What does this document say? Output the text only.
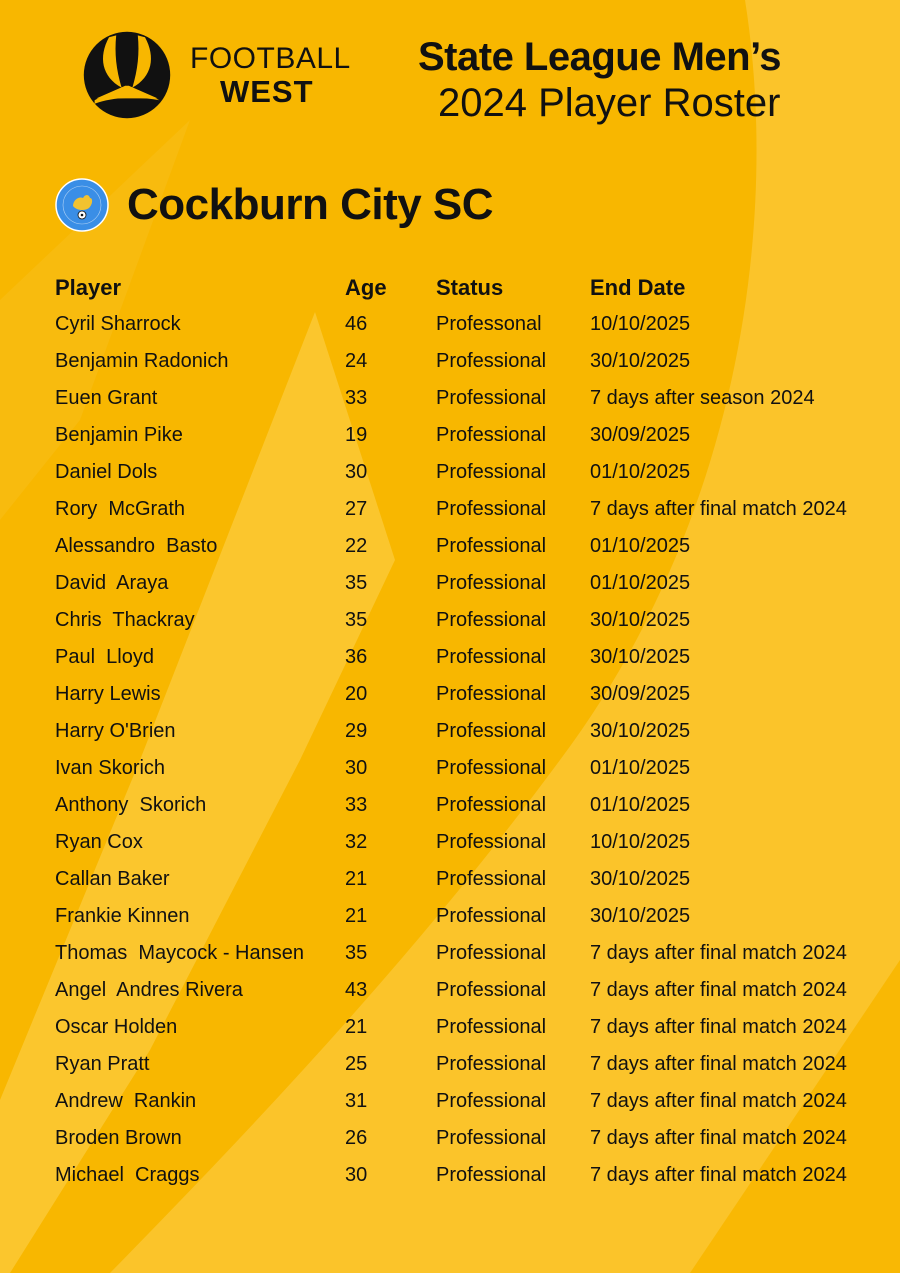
FOOTBALL
WEST
State League Men’s
2024 Player Roster
Cockburn City SC
Player	Age	Status	End Date
Cyril Sharrock	46	Professonal	10/10/2025
Benjamin Radonich	24	Professional	30/10/2025
Euen Grant	33	Professional	7 days after season 2024
Benjamin Pike	19	Professional	30/09/2025
Daniel Dols	30	Professional	01/10/2025
Rory  McGrath	27	Professional	7 days after final match 2024
Alessandro  Basto	22	Professional	01/10/2025
David  Araya	35	Professional	01/10/2025
Chris  Thackray	35	Professional	30/10/2025
Paul  Lloyd	36	Professional	30/10/2025
Harry Lewis	20	Professional	30/09/2025
Harry O'Brien	29	Professional	30/10/2025
Ivan Skorich	30	Professional	01/10/2025
Anthony  Skorich	33	Professional	01/10/2025
Ryan Cox	32	Professional	10/10/2025
Callan Baker	21	Professional	30/10/2025
Frankie Kinnen	21	Professional	30/10/2025
Thomas  Maycock - Hansen	35	Professional	7 days after final match 2024
Angel  Andres Rivera	43	Professional	7 days after final match 2024
Oscar Holden	21	Professional	7 days after final match 2024
Ryan Pratt	25	Professional	7 days after final match 2024
Andrew  Rankin	31	Professional	7 days after final match 2024
Broden Brown	26	Professional	7 days after final match 2024
Michael  Craggs	30	Professional	7 days after final match 2024
